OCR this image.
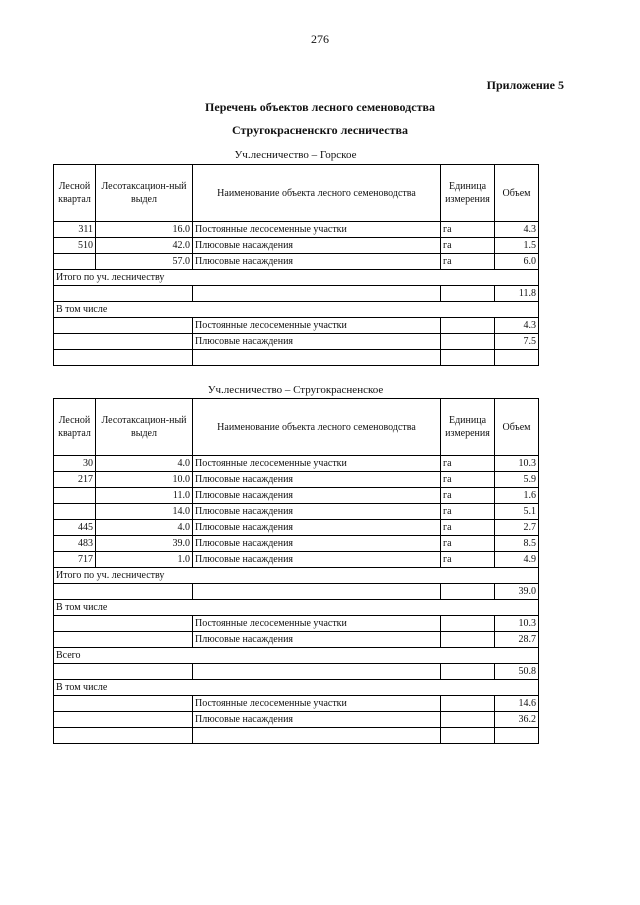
276
Приложение 5
Перечень объектов лесного семеноводства
Стругокрасненскго лесничества
Уч.лесничество – Горское
Лесной квартал	Лесотаксацион-ный выдел	Наименование объекта лесного семеноводства	Единица измерения	Объем
311	16.0	Постоянные лесосеменные участки	га	4.3
510	42.0	Плюсовые насаждения	га	1.5
	57.0	Плюсовые насаждения	га	6.0
Итого по уч. лесничеству				
				11.8
В том числе				
		Постоянные лесосеменные участки		4.3
		Плюсовые насаждения		7.5

Уч.лесничество – Стругокрасненское
Лесной квартал	Лесотаксацион-ный выдел	Наименование объекта лесного семеноводства	Единица измерения	Объем
30	4.0	Постоянные лесосеменные участки	га	10.3
217	10.0	Плюсовые насаждения	га	5.9
	11.0	Плюсовые насаждения	га	1.6
	14.0	Плюсовые насаждения	га	5.1
445	4.0	Плюсовые насаждения	га	2.7
483	39.0	Плюсовые насаждения	га	8.5
717	1.0	Плюсовые насаждения	га	4.9
Итого по уч. лесничеству				
				39.0
В том числе				
		Постоянные лесосеменные участки		10.3
		Плюсовые насаждения		28.7
Всего				
				50.8
В том числе				
		Постоянные лесосеменные участки		14.6
		Плюсовые насаждения		36.2
